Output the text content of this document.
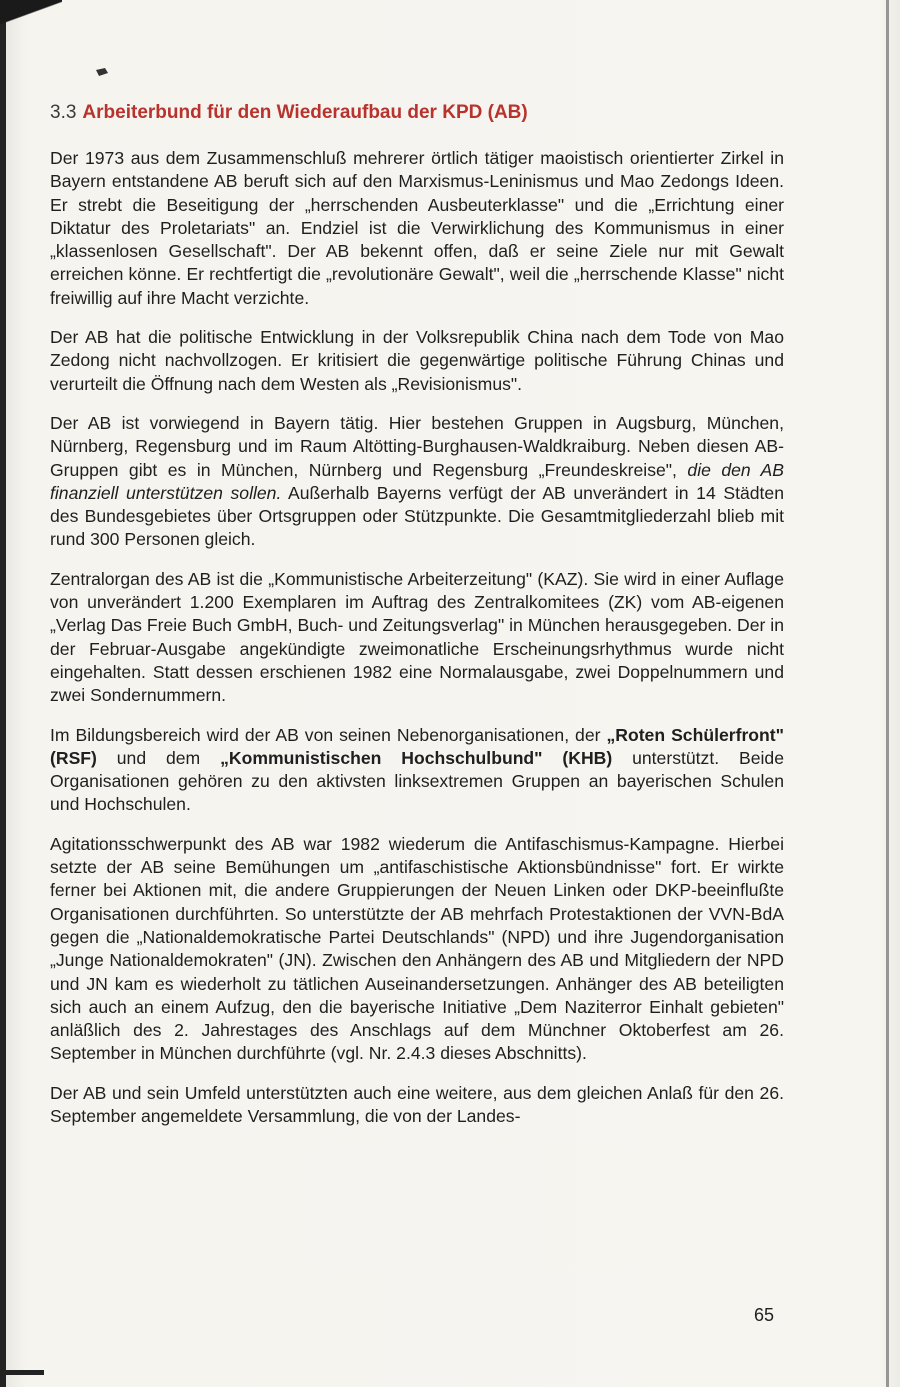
3.3 Arbeiterbund für den Wiederaufbau der KPD (AB)

Der 1973 aus dem Zusammenschluß mehrerer örtlich tätiger maoistisch orientierter Zirkel in Bayern entstandene AB beruft sich auf den Marxismus-Leninismus und Mao Zedongs Ideen. Er strebt die Beseitigung der „herrschenden Ausbeuterklasse" und die „Errichtung einer Diktatur des Proletariats" an. Endziel ist die Verwirklichung des Kommunismus in einer „klassenlosen Gesellschaft". Der AB bekennt offen, daß er seine Ziele nur mit Gewalt erreichen könne. Er rechtfertigt die „revolutionäre Gewalt", weil die „herrschende Klasse" nicht freiwillig auf ihre Macht verzichte.

Der AB hat die politische Entwicklung in der Volksrepublik China nach dem Tode von Mao Zedong nicht nachvollzogen. Er kritisiert die gegenwärtige politische Führung Chinas und verurteilt die Öffnung nach dem Westen als „Revisionismus".

Der AB ist vorwiegend in Bayern tätig. Hier bestehen Gruppen in Augsburg, München, Nürnberg, Regensburg und im Raum Altötting-Burghausen-Waldkraiburg. Neben diesen AB-Gruppen gibt es in München, Nürnberg und Regensburg „Freundeskreise", die den AB finanziell unterstützen sollen. Außerhalb Bayerns verfügt der AB unverändert in 14 Städten des Bundesgebietes über Ortsgruppen oder Stützpunkte. Die Gesamtmitgliederzahl blieb mit rund 300 Personen gleich.

Zentralorgan des AB ist die „Kommunistische Arbeiterzeitung" (KAZ). Sie wird in einer Auflage von unverändert 1.200 Exemplaren im Auftrag des Zentralkomitees (ZK) vom AB-eigenen „Verlag Das Freie Buch GmbH, Buch- und Zeitungsverlag" in München herausgegeben. Der in der Februar-Ausgabe angekündigte zweimonatliche Erscheinungsrhythmus wurde nicht eingehalten. Statt dessen erschienen 1982 eine Normalausgabe, zwei Doppelnummern und zwei Sondernummern.

Im Bildungsbereich wird der AB von seinen Nebenorganisationen, der „Roten Schülerfront" (RSF) und dem „Kommunistischen Hochschulbund" (KHB) unterstützt. Beide Organisationen gehören zu den aktivsten linksextremen Gruppen an bayerischen Schulen und Hochschulen.

Agitationsschwerpunkt des AB war 1982 wiederum die Antifaschismus-Kampagne. Hierbei setzte der AB seine Bemühungen um „antifaschistische Aktionsbündnisse" fort. Er wirkte ferner bei Aktionen mit, die andere Gruppierungen der Neuen Linken oder DKP-beeinflußte Organisationen durchführten. So unterstützte der AB mehrfach Protestaktionen der VVN-BdA gegen die „Nationaldemokratische Partei Deutschlands" (NPD) und ihre Jugendorganisation „Junge Nationaldemokraten" (JN). Zwischen den Anhängern des AB und Mitgliedern der NPD und JN kam es wiederholt zu tätlichen Auseinandersetzungen. Anhänger des AB beteiligten sich auch an einem Aufzug, den die bayerische Initiative „Dem Naziterror Einhalt gebieten" anläßlich des 2. Jahrestages des Anschlags auf dem Münchner Oktoberfest am 26. September in München durchführte (vgl. Nr. 2.4.3 dieses Abschnitts).

Der AB und sein Umfeld unterstützten auch eine weitere, aus dem gleichen Anlaß für den 26. September angemeldete Versammlung, die von der Landes-

65
